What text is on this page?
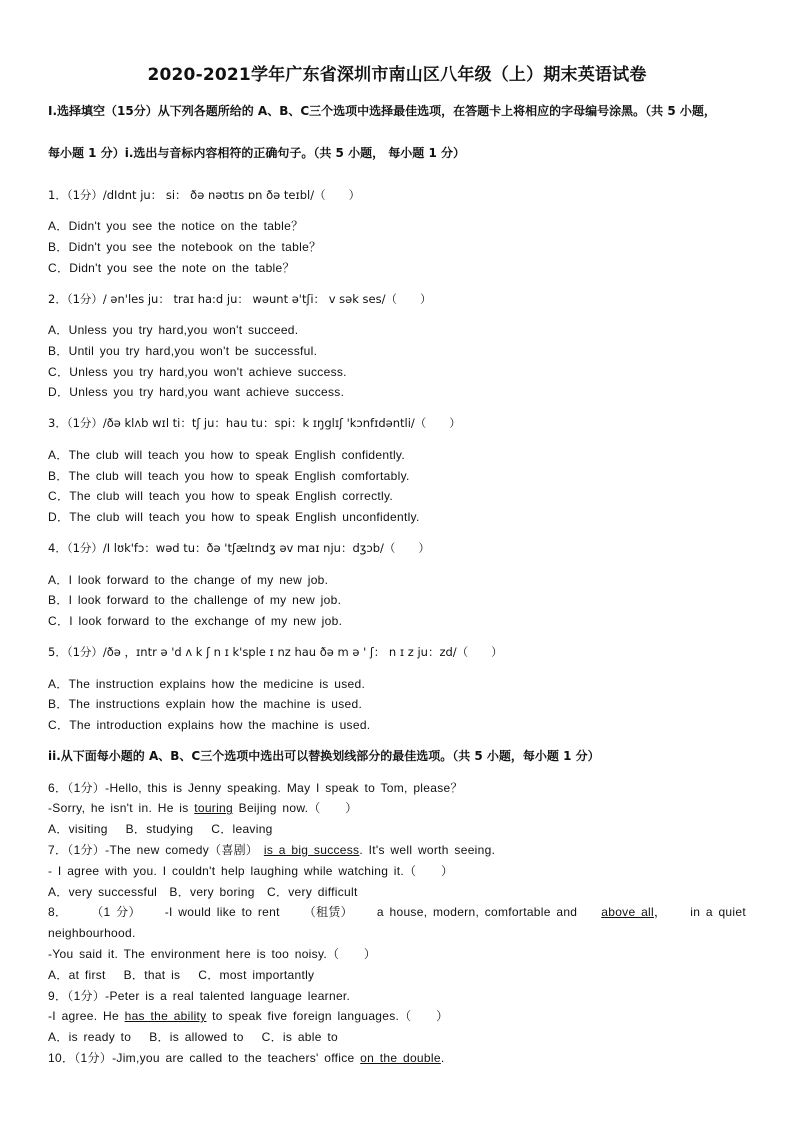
2020-2021学年广东省深圳市南山区八年级（上）期末英语试卷
I.选择填空（15分）从下列各题所给的 A、B、C三个选项中选择最佳选项，在答题卡上将相应的字母编号涂黑。（共 5 小题，
每小题 1 分）i.选出与音标内容相符的正确句子。（共 5 小题， 每小题 1 分）
1．（1分）/dIdnt ju： si： ðə nəʊtɪs ɒn ðə teɪbl/（　　）
A．Didn't you see the notice on the table？
B．Didn't you see the notebook on the table？
C．Didn't you see the note on the table？
2．（1分）/ ən'les ju： traɪ ha:d ju： wəunt ə'tʃi： v sək ses/（　　）
A．Unless you try hard,you won't succeed.
B．Until you try hard,you won't be successful.
C．Unless you try hard,you won't achieve success.
D．Unless you try hard,you want achieve success.
3．（1分）/ðə klʌb wɪl ti：tʃ ju：hau tu：spi：k ɪŋglɪʃ 'kɔnfɪdəntli/（　　）
A．The club will teach you how to speak English confidently.
B．The club will teach you how to speak English comfortably.
C．The club will teach you how to speak English correctly.
D．The club will teach you how to speak English unconfidently.
4．（1分）/I lʊk'fɔ：wəd tu：ðə 'tʃælɪndʒ əv maɪ nju：dʒɔb/（　　）
A．I look forward to the change of my new job.
B．I look forward to the challenge of my new job.
C．I look forward to the exchange of my new job.
5．（1分）/ðə ，ɪntr ə 'd ʌ k ʃ n ɪ k'sple ɪ nz hau ðə m ə ' ʃ： n ɪ z ju：zd/（　　）
A．The instruction explains how the medicine is used.
B．The instructions explain how the machine is used.
C．The introduction explains how the machine is used.
ii.从下面每小题的 A、B、C三个选项中选出可以替换划线部分的最佳选项。（共 5 小题，每小题 1 分）
6．（1分）-Hello, this is Jenny speaking. May I speak to Tom, please？
-Sorry, he isn't in. He is touring Beijing now.（　　）
A．visiting　 B．studying　 C．leaving
7．（1分）-The new comedy（喜剧） is a big success. It's well worth seeing.
- I agree with you. I couldn't help laughing while watching it.（　　）
A．very successful　B．very boring　C．very difficult
8． （1 分） -I would like to rent （租赁） a house, modern, comfortable and above all， in a quiet
neighbourhood.
-You said it. The environment here is too noisy.（　　）
A．at first　 B．that is　 C．most importantly
9．（1分）-Peter is a real talented language learner.
-I agree. He has the ability to speak five foreign languages.（　　）
A．is ready to　 B．is allowed to　 C．is able to
10．（1分）-Jim,you are called to the teachers' office on the double.
